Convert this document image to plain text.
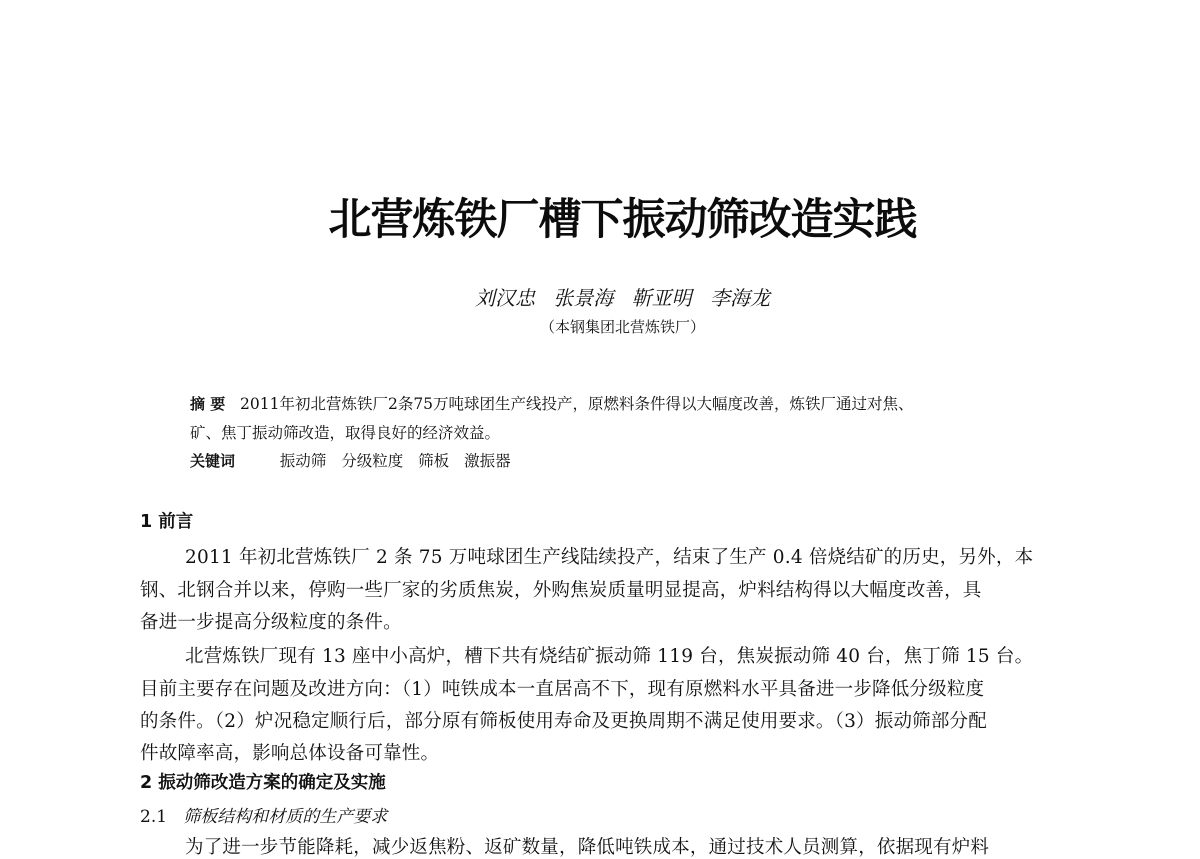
北营炼铁厂槽下振动筛改造实践
刘汉忠 张景海 靳亚明 李海龙
（本钢集团北营炼铁厂）
摘 要 2011年初北营炼铁厂2条75万吨球团生产线投产，原燃料条件得以大幅度改善，炼铁厂通过对焦、
矿、焦丁振动筛改造，取得良好的经济效益。
关键词	振动筛 分级粒度 筛板 激振器
1 前言
2011 年初北营炼铁厂 2 条 75 万吨球团生产线陆续投产，结束了生产 0.4 倍烧结矿的历史，另外，本
钢、北钢合并以来，停购一些厂家的劣质焦炭，外购焦炭质量明显提高，炉料结构得以大幅度改善，具
备进一步提高分级粒度的条件。
北营炼铁厂现有 13 座中小高炉，槽下共有烧结矿振动筛 119 台，焦炭振动筛 40 台，焦丁筛 15 台。
目前主要存在问题及改进方向：（1）吨铁成本一直居高不下，现有原燃料水平具备进一步降低分级粒度
的条件。（2）炉况稳定顺行后，部分原有筛板使用寿命及更换周期不满足使用要求。（3）振动筛部分配
件故障率高，影响总体设备可靠性。
2 振动筛改造方案的确定及实施
2.1 筛板结构和材质的生产要求
为了进一步节能降耗，减少返焦粉、返矿数量，降低吨铁成本，通过技术人员测算，依据现有炉料
